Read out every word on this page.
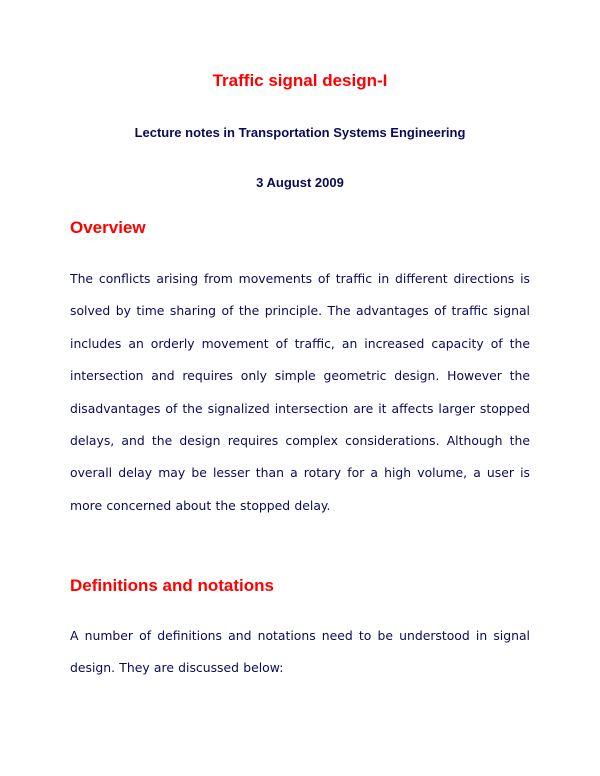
Traffic signal design-I
Lecture notes in Transportation Systems Engineering
3 August 2009
Overview

The conflicts arising from movements of traffic in different directions is solved by time sharing of the principle. The advantages of traffic signal includes an orderly movement of traffic, an increased capacity of the intersection and requires only simple geometric design. However the disadvantages of the signalized intersection are it affects larger stopped delays, and the design requires complex considerations. Although the overall delay may be lesser than a rotary for a high volume, a user is more concerned about the stopped delay.

Definitions and notations

A number of definitions and notations need to be understood in signal design. They are discussed below:
